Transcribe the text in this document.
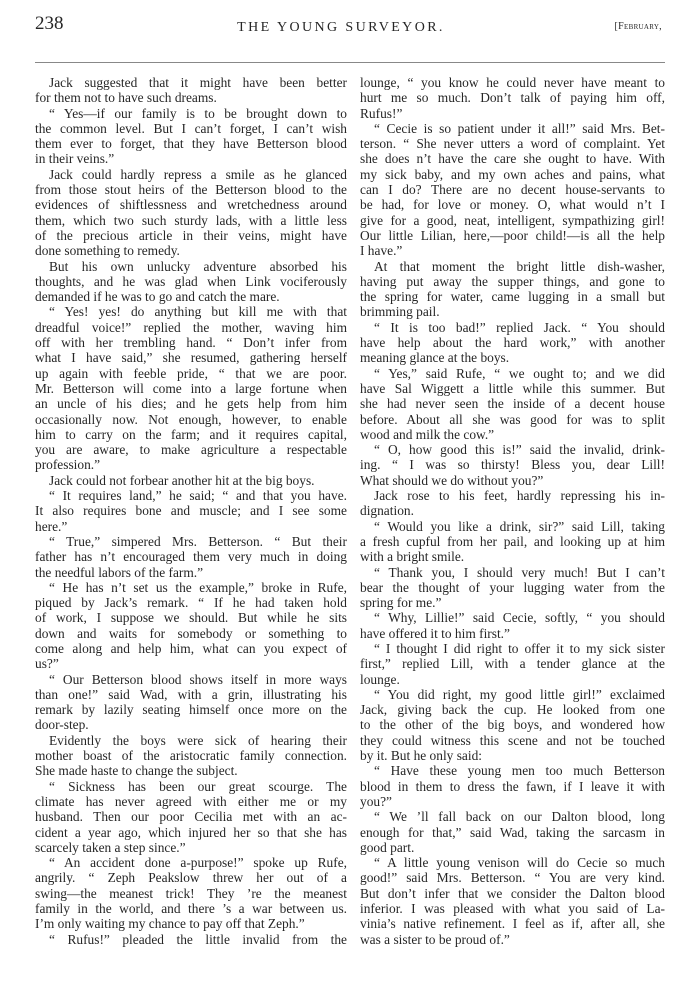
238	THE YOUNG SURVEYOR.	[February,
Jack suggested that it might have been better
for them not to have such dreams.
“ Yes—if our family is to be brought down to
the common level. But I can’t forget, I can’t wish
them ever to forget, that they have Betterson blood
in their veins.”
Jack could hardly repress a smile as he glanced
from those stout heirs of the Betterson blood to the
evidences of shiftlessness and wretchedness around
them, which two such sturdy lads, with a little less
of the precious article in their veins, might have
done something to remedy.
But his own unlucky adventure absorbed his
thoughts, and he was glad when Link vociferously
demanded if he was to go and catch the mare.
“ Yes! yes! do anything but kill me with that
dreadful voice!” replied the mother, waving him
off with her trembling hand. “ Don’t infer from
what I have said,” she resumed, gathering herself
up again with feeble pride, “ that we are poor.
Mr. Betterson will come into a large fortune when
an uncle of his dies; and he gets help from him
occasionally now. Not enough, however, to enable
him to carry on the farm; and it requires capital,
you are aware, to make agriculture a respectable
profession.”
Jack could not forbear another hit at the big boys.
“ It requires land,” he said; “ and that you have.
It also requires bone and muscle; and I see some
here.”
“ True,” simpered Mrs. Betterson. “ But their
father has n’t encouraged them very much in doing
the needful labors of the farm.”
“ He has n’t set us the example,” broke in Rufe,
piqued by Jack’s remark. “ If he had taken hold
of work, I suppose we should. But while he sits
down and waits for somebody or something to
come along and help him, what can you expect of
us?”
“ Our Betterson blood shows itself in more ways
than one!” said Wad, with a grin, illustrating his
remark by lazily seating himself once more on the
door-step.
Evidently the boys were sick of hearing their
mother boast of the aristocratic family connection.
She made haste to change the subject.
“ Sickness has been our great scourge. The
climate has never agreed with either me or my
husband. Then our poor Cecilia met with an ac-
cident a year ago, which injured her so that she has
scarcely taken a step since.”
“ An accident done a-purpose!” spoke up Rufe,
angrily. “ Zeph Peakslow threw her out of a
swing—the meanest trick! They ’re the meanest
family in the world, and there ’s a war between us.
I’m only waiting my chance to pay off that Zeph.”
“ Rufus!” pleaded the little invalid from the
lounge, “ you know he could never have meant to
hurt me so much. Don’t talk of paying him off,
Rufus!”
“ Cecie is so patient under it all!” said Mrs. Bet-
terson. “ She never utters a word of complaint. Yet
she does n’t have the care she ought to have. With
my sick baby, and my own aches and pains, what
can I do? There are no decent house-servants to
be had, for love or money. O, what would n’t I
give for a good, neat, intelligent, sympathizing girl!
Our little Lilian, here,—poor child!—is all the help
I have.”
At that moment the bright little dish-washer,
having put away the supper things, and gone to
the spring for water, came lugging in a small but
brimming pail.
“ It is too bad!” replied Jack. “ You should
have help about the hard work,” with another
meaning glance at the boys.
“ Yes,” said Rufe, “ we ought to; and we did
have Sal Wiggett a little while this summer. But
she had never seen the inside of a decent house
before. About all she was good for was to split
wood and milk the cow.”
“ O, how good this is!” said the invalid, drink-
ing. “ I was so thirsty! Bless you, dear Lill!
What should we do without you?”
Jack rose to his feet, hardly repressing his in-
dignation.
“ Would you like a drink, sir?” said Lill, taking
a fresh cupful from her pail, and looking up at him
with a bright smile.
“ Thank you, I should very much! But I can’t
bear the thought of your lugging water from the
spring for me.”
“ Why, Lillie!” said Cecie, softly, “ you should
have offered it to him first.”
“ I thought I did right to offer it to my sick sister
first,” replied Lill, with a tender glance at the
lounge.
“ You did right, my good little girl!” exclaimed
Jack, giving back the cup. He looked from one
to the other of the big boys, and wondered how
they could witness this scene and not be touched
by it. But he only said:
“ Have these young men too much Betterson
blood in them to dress the fawn, if I leave it with
you?”
“ We ’ll fall back on our Dalton blood, long
enough for that,” said Wad, taking the sarcasm in
good part.
“ A little young venison will do Cecie so much
good!” said Mrs. Betterson. “ You are very kind.
But don’t infer that we consider the Dalton blood
inferior. I was pleased with what you said of La-
vinia’s native refinement. I feel as if, after all, she
was a sister to be proud of.”
